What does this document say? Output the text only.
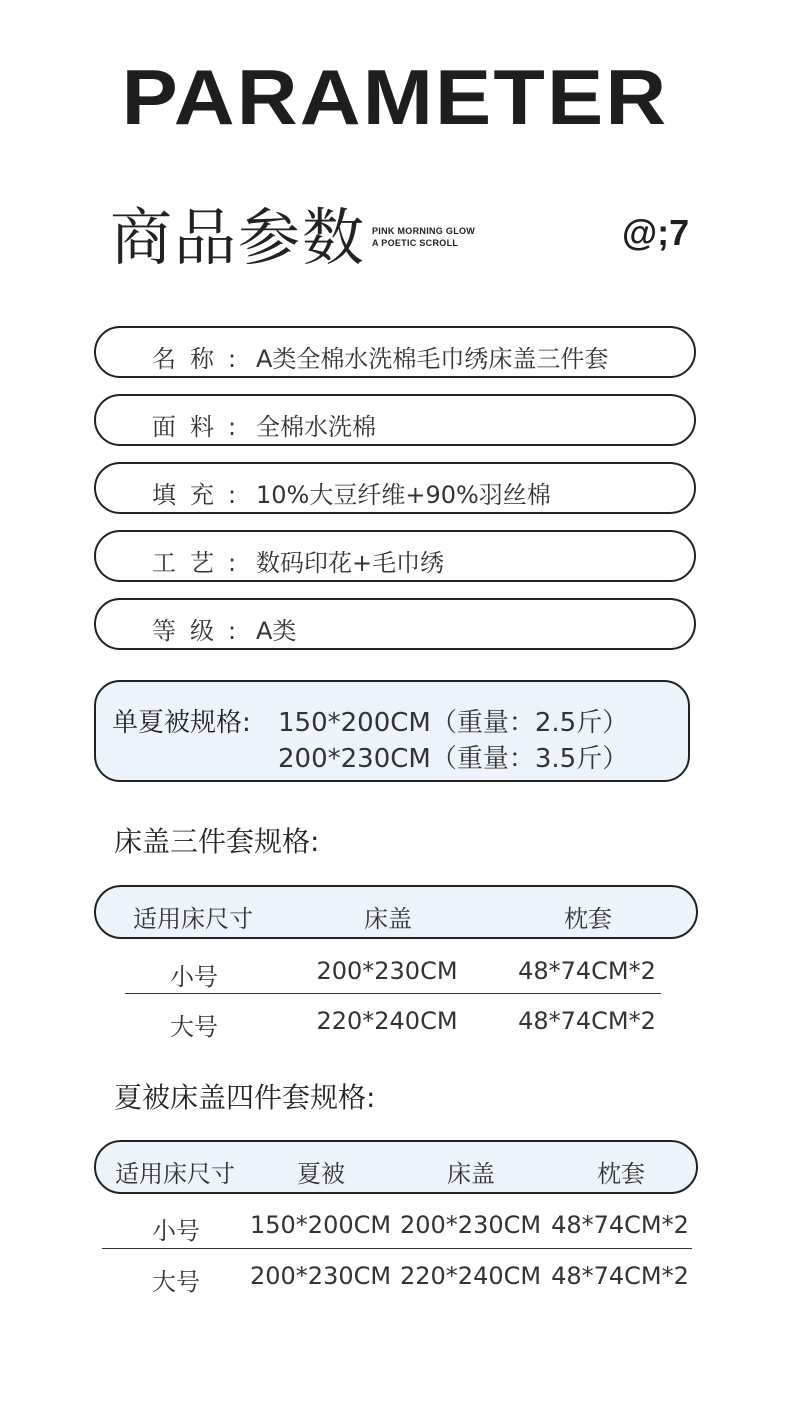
PARAMETER
商品参数 PINK MORNING GLOW
A POETIC SCROLL	@;7
名称: A类全棉水洗棉毛巾绣床盖三件套
面料: 全棉水洗棉
填充: 10%大豆纤维+90%羽丝棉
工艺: 数码印花+毛巾绣
等级: A类
单夏被规格: 150*200CM（重量：2.5斤）
200*230CM（重量：3.5斤）
床盖三件套规格:
适用床尺寸	床盖	枕套
小号	200*230CM	48*74CM*2
大号	220*240CM	48*74CM*2
夏被床盖四件套规格:
适用床尺寸	夏被	床盖	枕套
小号	150*200CM 200*230CM 48*74CM*2
大号	200*230CM 220*240CM 48*74CM*2
